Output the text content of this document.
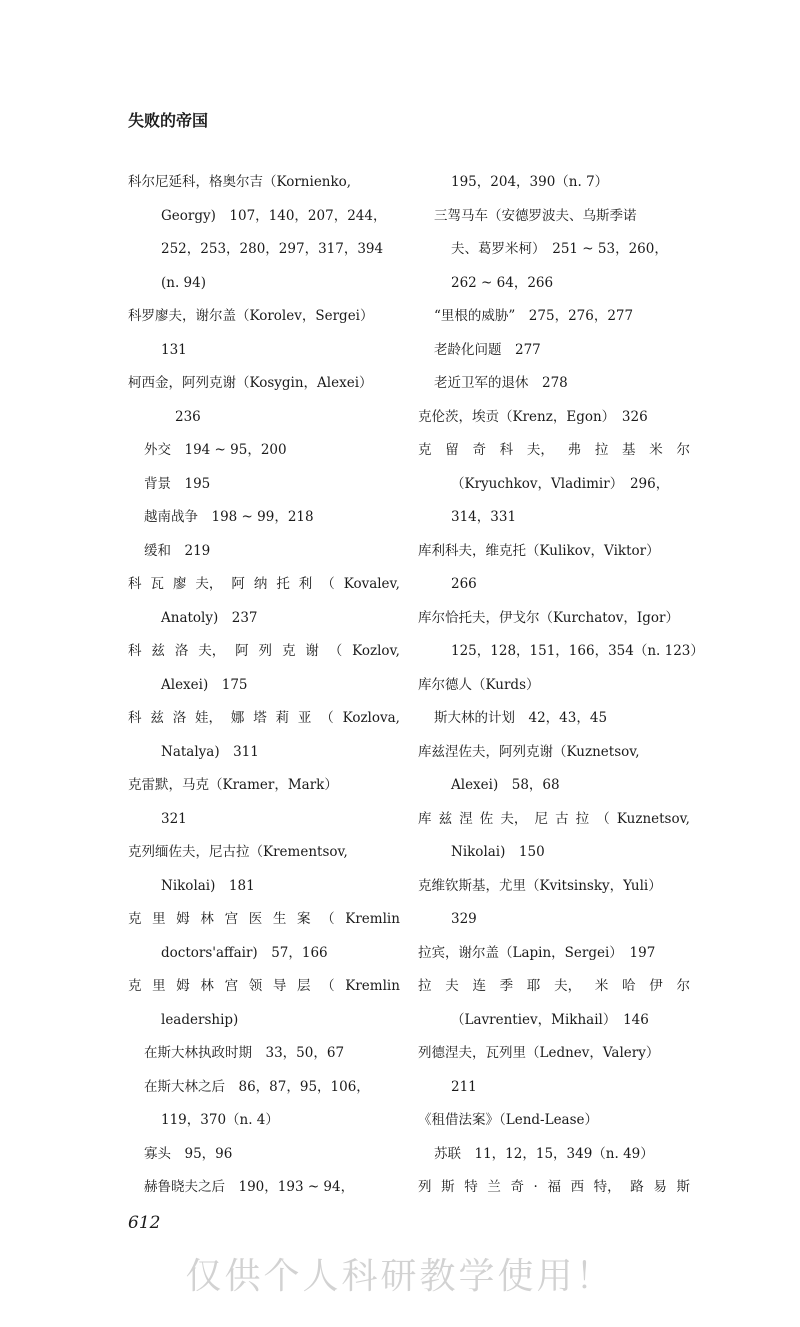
失败的帝国
科尔尼延科，格奥尔吉（Kornienko,
Georgy)　107，140，207，244，
252，253，280，297，317，394
(n. 94)
科罗廖夫，谢尔盖（Korolev，Sergei）
131
柯西金，阿列克谢（Kosygin，Alexei）
236
外交　194 ~ 95，200
背景　195
越南战争　198 ~ 99，218
缓和　219
科 瓦 廖 夫， 阿 纳 托 利 （ Kovalev,
Anatoly)　237
科 兹 洛 夫， 阿 列 克 谢 （ Kozlov,
Alexei)　175
科 兹 洛 娃， 娜 塔 莉 亚 （ Kozlova,
Natalya)　311
克雷默，马克（Kramer，Mark）
321
克列缅佐夫，尼古拉（Krementsov,
Nikolai)　181
克 里 姆 林 宫 医 生 案 （ Kremlin
doctors'affair)　57，166
克 里 姆 林 宫 领 导 层 （ Kremlin
leadership)
在斯大林执政时期　33，50，67
在斯大林之后　86，87，95，106，
119，370（n. 4）
寡头　95，96
赫鲁晓夫之后　190，193 ~ 94，
195，204，390（n. 7）
三驾马车（安德罗波夫、乌斯季诺
夫、葛罗米柯）　251 ~ 53，260，
262 ~ 64，266
“里根的威胁”　275，276，277
老龄化问题　277
老近卫军的退休　278
克伦茨，埃贡（Krenz，Egon）　326
克 留 奇 科 夫， 弗 拉 基 米 尔
（Kryuchkov，Vladimir）　296，
314，331
库利科夫，维克托（Kulikov，Viktor）
266
库尔恰托夫，伊戈尔（Kurchatov，Igor）
125，128，151，166，354（n. 123）
库尔德人（Kurds）
斯大林的计划　42，43，45
库兹涅佐夫，阿列克谢（Kuznetsov,
Alexei)　58，68
库 兹 涅 佐 夫， 尼 古 拉 （ Kuznetsov,
Nikolai)　150
克维钦斯基，尤里（Kvitsinsky，Yuli）
329
拉宾，谢尔盖（Lapin，Sergei）　197
拉 夫 连 季 耶 夫， 米 哈 伊 尔
（Lavrentiev，Mikhail）　146
列德涅夫，瓦列里（Lednev，Valery）
211
《租借法案》（Lend-Lease）
苏联　11，12，15，349（n. 49）
列 斯 特 兰 奇 · 福 西 特， 路 易 斯
612
仅供个人科研教学使用！
